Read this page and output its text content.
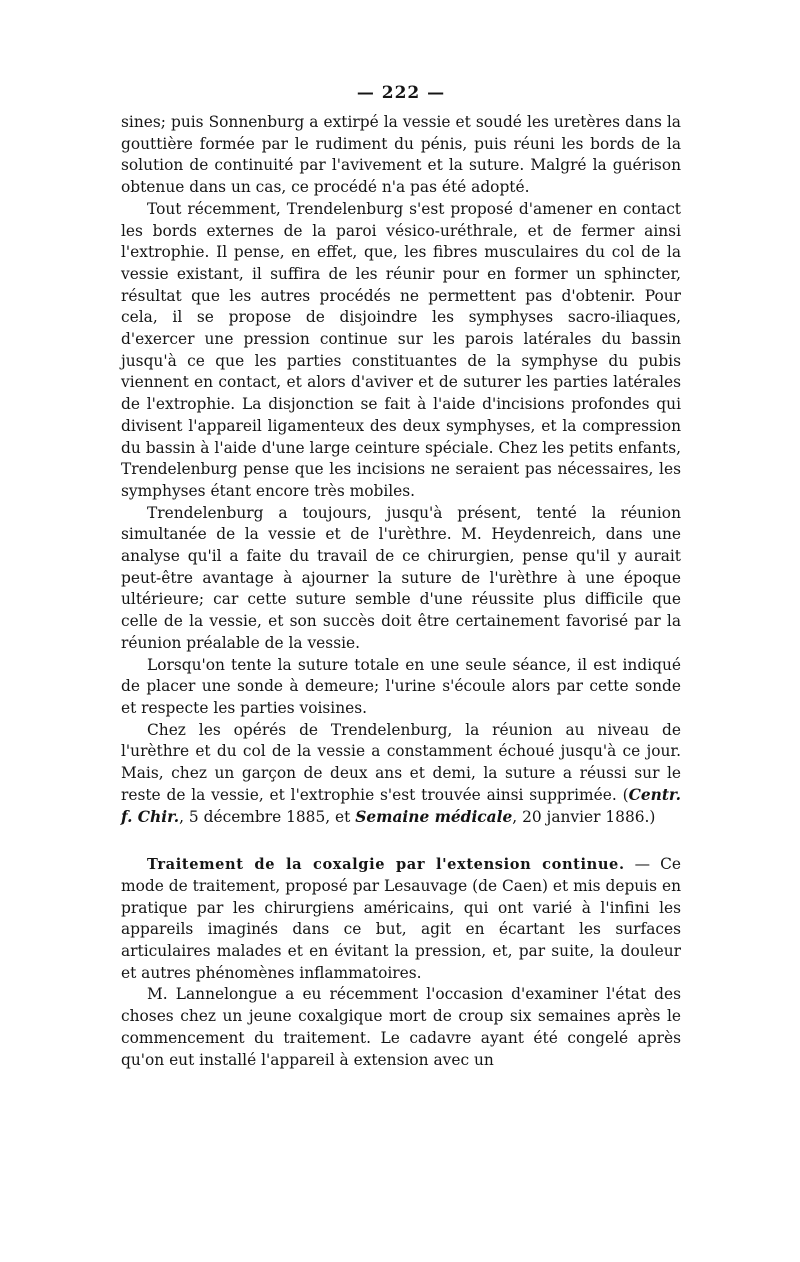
— 222 —

sines; puis Sonnenburg a extirpé la vessie et soudé les uretères dans la gouttière formée par le rudiment du pénis, puis réuni les bords de la solution de continuité par l'avivement et la suture. Malgré la guérison obtenue dans un cas, ce procédé n'a pas été adopté.

Tout récemment, Trendelenburg s'est proposé d'amener en contact les bords externes de la paroi vésico-uréthrale, et de fermer ainsi l'extrophie. Il pense, en effet, que, les fibres musculaires du col de la vessie existant, il suffira de les réunir pour en former un sphincter, résultat que les autres procédés ne permettent pas d'obtenir. Pour cela, il se propose de disjoindre les symphyses sacro-iliaques, d'exercer une pression continue sur les parois latérales du bassin jusqu'à ce que les parties constituantes de la symphyse du pubis viennent en contact, et alors d'aviver et de suturer les parties latérales de l'extrophie. La disjonction se fait à l'aide d'incisions profondes qui divisent l'appareil ligamenteux des deux symphyses, et la compression du bassin à l'aide d'une large ceinture spéciale. Chez les petits enfants, Trendelenburg pense que les incisions ne seraient pas nécessaires, les symphyses étant encore très mobiles.

Trendelenburg a toujours, jusqu'à présent, tenté la réunion simultanée de la vessie et de l'urèthre. M. Heydenreich, dans une analyse qu'il a faite du travail de ce chirurgien, pense qu'il y aurait peut-être avantage à ajourner la suture de l'urèthre à une époque ultérieure; car cette suture semble d'une réussite plus difficile que celle de la vessie, et son succès doit être certainement favorisé par la réunion préalable de la vessie.

Lorsqu'on tente la suture totale en une seule séance, il est indiqué de placer une sonde à demeure; l'urine s'écoule alors par cette sonde et respecte les parties voisines.

Chez les opérés de Trendelenburg, la réunion au niveau de l'urèthre et du col de la vessie a constamment échoué jusqu'à ce jour. Mais, chez un garçon de deux ans et demi, la suture a réussi sur le reste de la vessie, et l'extrophie s'est trouvée ainsi supprimée. (Centr. f. Chir., 5 décembre 1885, et Semaine médicale, 20 janvier 1886.)

Traitement de la coxalgie par l'extension continue. — Ce mode de traitement, proposé par Lesauvage (de Caen) et mis depuis en pratique par les chirurgiens américains, qui ont varié à l'infini les appareils imaginés dans ce but, agit en écartant les surfaces articulaires malades et en évitant la pression, et, par suite, la douleur et autres phénomènes inflammatoires.

M. Lannelongue a eu récemment l'occasion d'examiner l'état des choses chez un jeune coxalgique mort de croup six semaines après le commencement du traitement. Le cadavre ayant été congelé après qu'on eut installé l'appareil à extension avec un
